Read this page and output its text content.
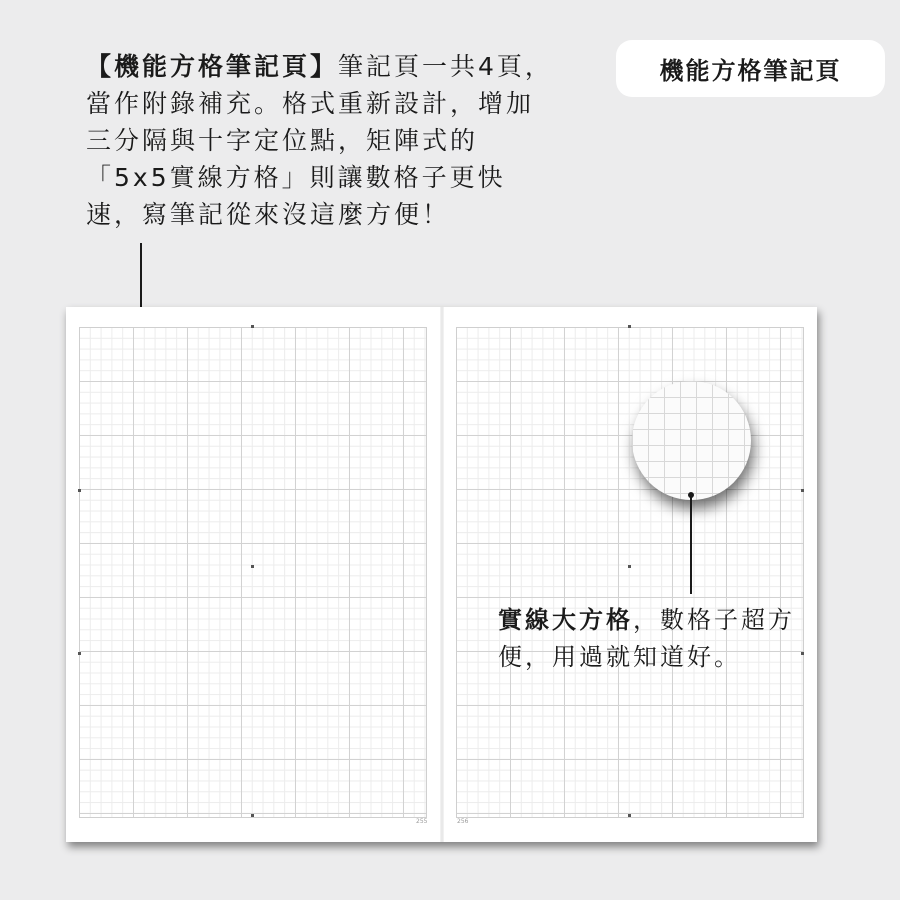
【機能方格筆記頁】筆記頁一共4頁，當作附錄補充。格式重新設計，增加三分隔與十字定位點，矩陣式的「5x5實線方格」則讓數格子更快速，寫筆記從來沒這麼方便！

機能方格筆記頁
255	256

實線大方格，數格子超方便，用過就知道好。
